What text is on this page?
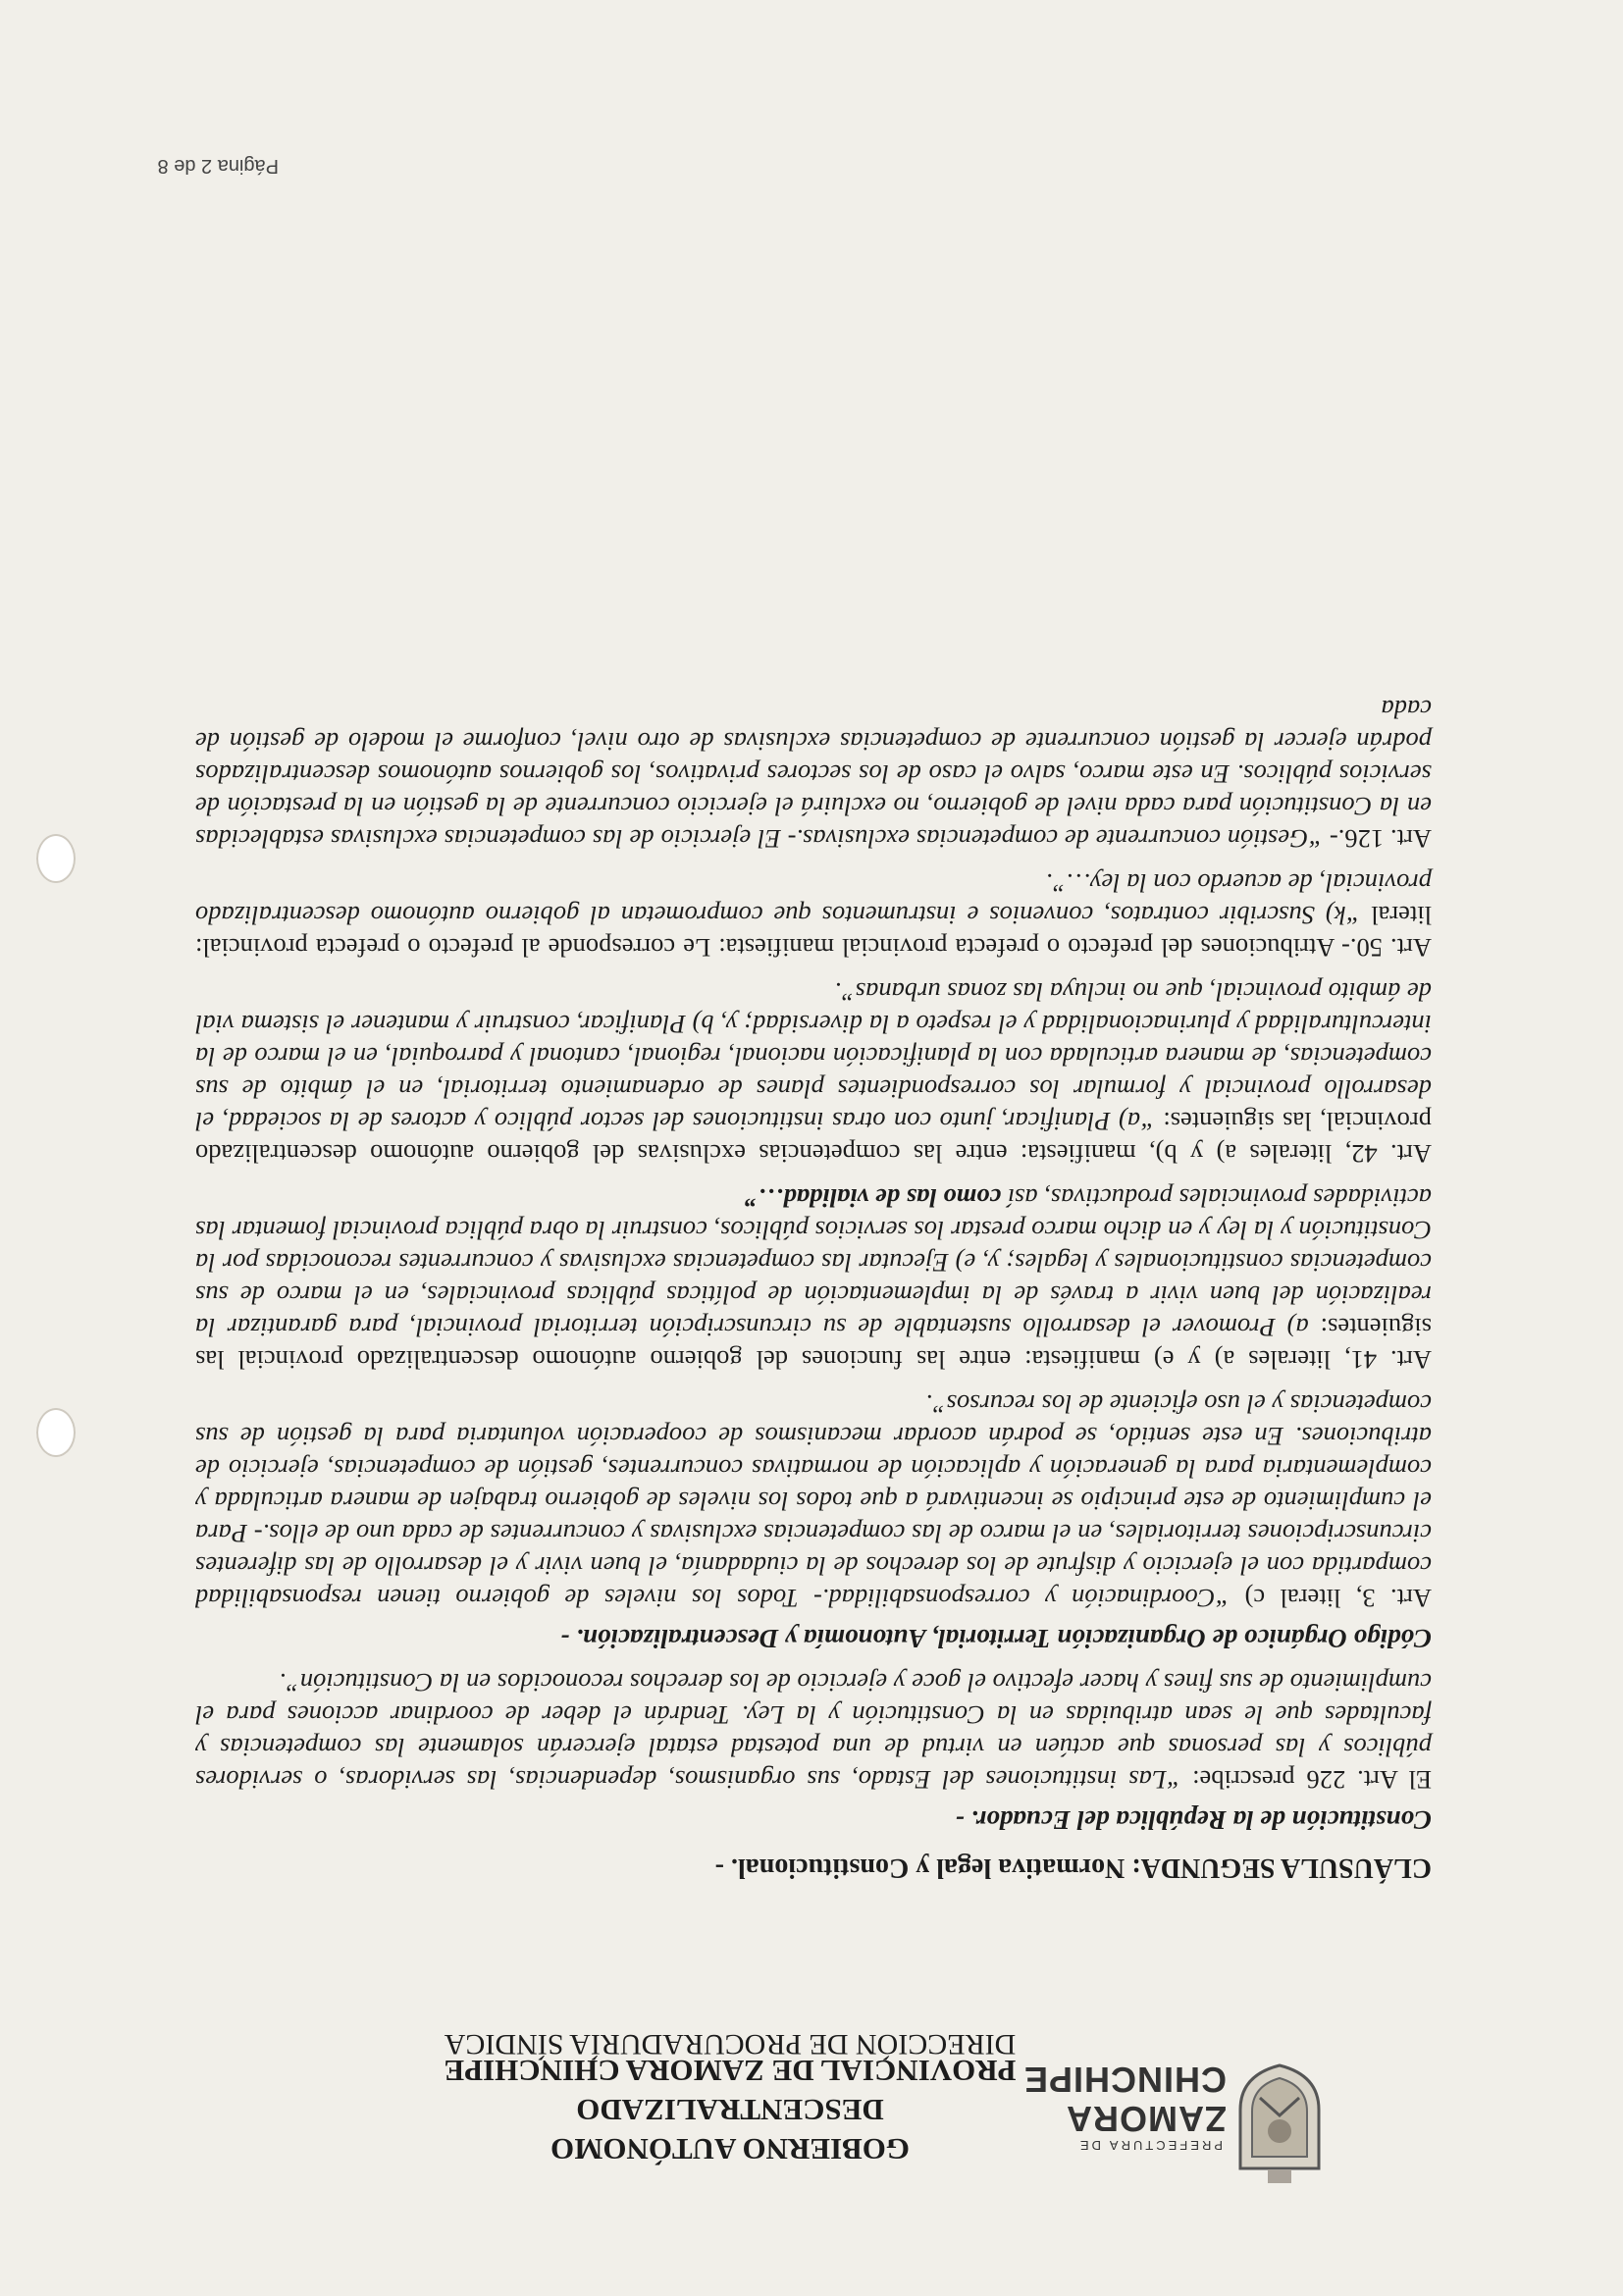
PREFECTURA DE
ZAMORA
CHINCHIPE
GOBIERNO AUTÓNOMO DESCENTRALIZADO
PROVINCIAL DE ZAMORA CHINCHIPE
DIRECCIÓN DE PROCURADURÍA SÍNDICA

CLÁUSULA SEGUNDA: Normativa legal y Constitucional. -

Constitución de la República del Ecuador. -

El Art. 226 prescribe: “Las instituciones del Estado, sus organismos, dependencias, las servidoras, o servidores públicos y las personas que actúen en virtud de una potestad estatal ejercerán solamente las competencias y facultades que le sean atribuidas en la Constitución y la Ley. Tendrán el deber de coordinar acciones para el cumplimiento de sus fines y hacer efectivo el goce y ejercicio de los derechos reconocidos en la Constitución”.

Código Orgánico de Organización Territorial, Autonomía y Descentralización. -

Art. 3, literal c) “Coordinación y corresponsabilidad.- Todos los niveles de gobierno tienen responsabilidad compartida con el ejercicio y disfrute de los derechos de la ciudadanía, el buen vivir y el desarrollo de las diferentes circunscripciones territoriales, en el marco de las competencias exclusivas y concurrentes de cada uno de ellos.- Para el cumplimiento de este principio se incentivará a que todos los niveles de gobierno trabajen de manera articulada y complementaria para la generación y aplicación de normativas concurrentes, gestión de competencias, ejercicio de atribuciones. En este sentido, se podrán acordar mecanismos de cooperación voluntaria para la gestión de sus competencias y el uso eficiente de los recursos”.

Art. 41, literales a) y e) manifiesta: entre las funciones del gobierno autónomo descentralizado provincial las siguientes: a) Promover el desarrollo sustentable de su circunscripción territorial provincial, para garantizar la realización del buen vivir a través de la implementación de políticas públicas provinciales, en el marco de sus competencias constitucionales y legales; y, e) Ejecutar las competencias exclusivas y concurrentes reconocidas por la Constitución y la ley y en dicho marco prestar los servicios públicos, construir la obra pública provincial fomentar las actividades provinciales productivas, así como las de vialidad…”

Art. 42, literales a) y b), manifiesta: entre las competencias exclusivas del gobierno autónomo descentralizado provincial, las siguientes: “a) Planificar, junto con otras instituciones del sector público y actores de la sociedad, el desarrollo provincial y formular los correspondientes planes de ordenamiento territorial, en el ámbito de sus competencias, de manera articulada con la planificación nacional, regional, cantonal y parroquial, en el marco de la interculturalidad y plurinacionalidad y el respeto a la diversidad; y, b) Planificar, construir y mantener el sistema vial de ámbito provincial, que no incluya las zonas urbanas”.

Art. 50.- Atribuciones del prefecto o prefecta provincial manifiesta: Le corresponde al prefecto o prefecta provincial: literal “k) Suscribir contratos, convenios e instrumentos que comprometan al gobierno autónomo descentralizado provincial, de acuerdo con la ley…”.

Art. 126.- “Gestión concurrente de competencias exclusivas.- El ejercicio de las competencias exclusivas establecidas en la Constitución para cada nivel de gobierno, no excluirá el ejercicio concurrente de la gestión en la prestación de servicios públicos. En este marco, salvo el caso de los sectores privativos, los gobiernos autónomos descentralizados podrán ejercer la gestión concurrente de competencias exclusivas de otro nivel, conforme el modelo de gestión de cada

Página 2 de 8
